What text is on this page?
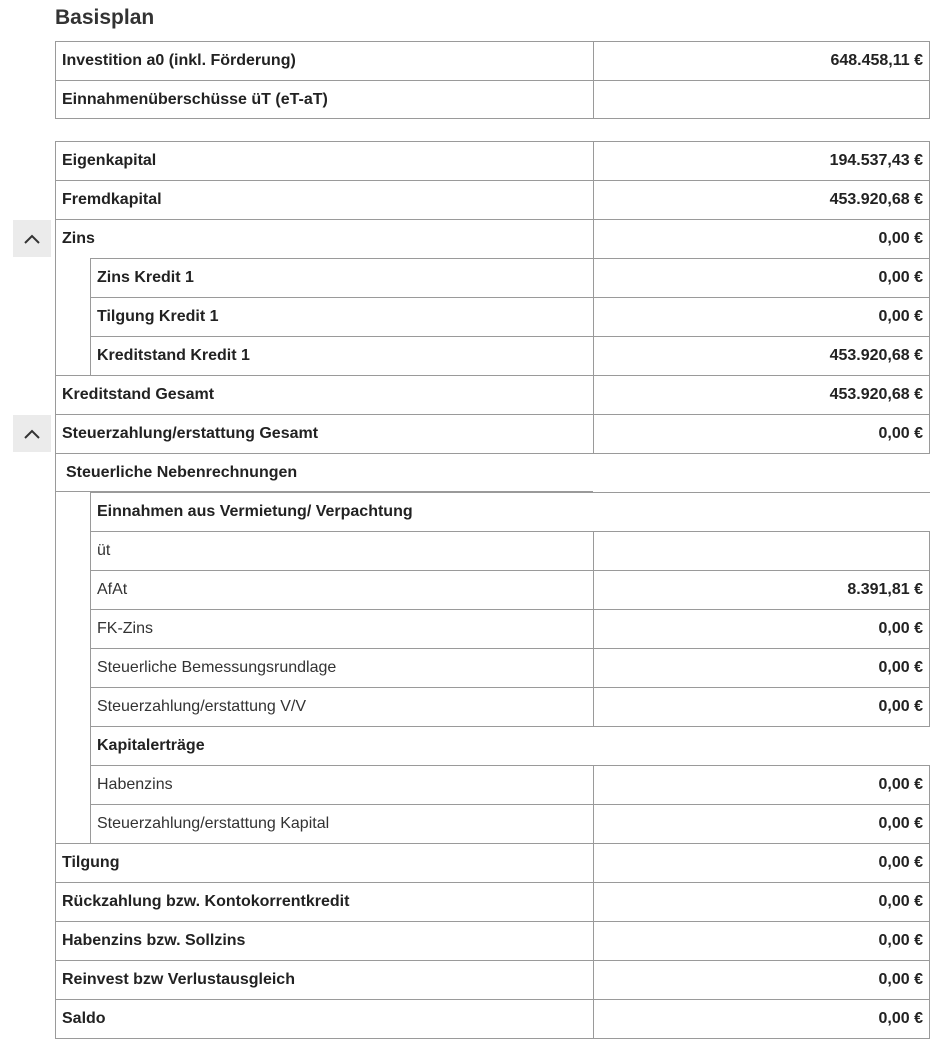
Basisplan
Investition a0 (inkl. Förderung)	648.458,11 €
Einnahmenüberschüsse üT (eT-aT)
Eigenkapital	194.537,43 €
Fremdkapital	453.920,68 €
Zins	0,00 €
Zins Kredit 1	0,00 €
Tilgung Kredit 1	0,00 €
Kreditstand Kredit 1	453.920,68 €
Kreditstand Gesamt	453.920,68 €
Steuerzahlung/erstattung Gesamt	0,00 €
Steuerliche Nebenrechnungen
Einnahmen aus Vermietung/ Verpachtung
üt
AfAt	8.391,81 €
FK-Zins	0,00 €
Steuerliche Bemessungsrundlage	0,00 €
Steuerzahlung/erstattung V/V	0,00 €
Kapitalerträge
Habenzins	0,00 €
Steuerzahlung/erstattung Kapital	0,00 €
Tilgung	0,00 €
Rückzahlung bzw. Kontokorrentkredit	0,00 €
Habenzins bzw. Sollzins	0,00 €
Reinvest bzw Verlustausgleich	0,00 €
Saldo	0,00 €
